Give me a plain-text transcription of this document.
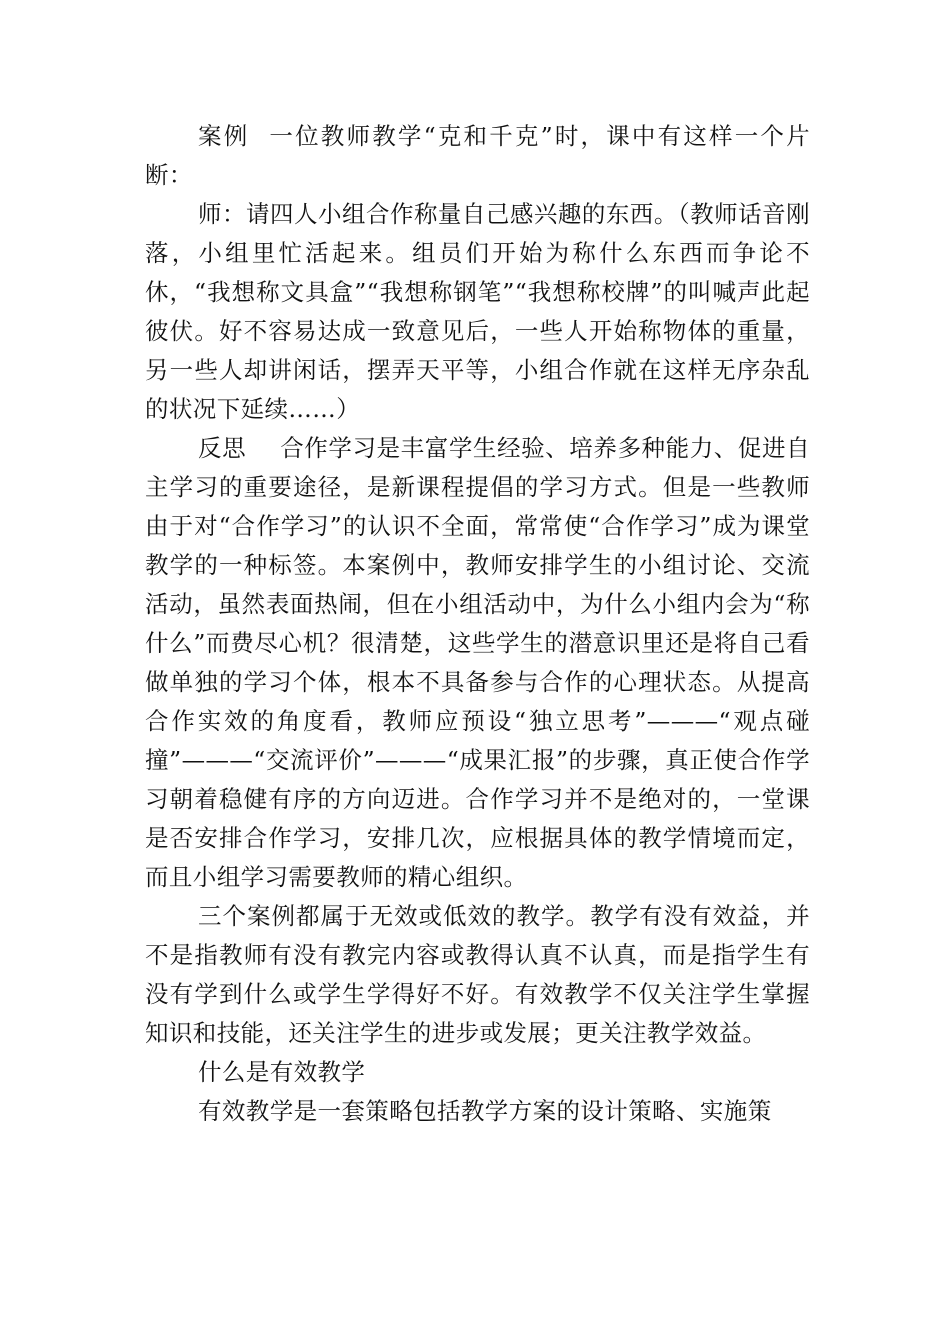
案例 一位教师教学“克和千克”时，课中有这样一个片断：

师：请四人小组合作称量自己感兴趣的东西。（教师话音刚落，小组里忙活起来。组员们开始为称什么东西而争论不休，“我想称文具盒”“我想称钢笔”“我想称校牌”的叫喊声此起彼伏。好不容易达成一致意见后，一些人开始称物体的重量，另一些人却讲闲话，摆弄天平等，小组合作就在这样无序杂乱的状况下延续……）

反思 合作学习是丰富学生经验、培养多种能力、促进自主学习的重要途径，是新课程提倡的学习方式。但是一些教师由于对“合作学习”的认识不全面，常常使“合作学习”成为课堂教学的一种标签。本案例中，教师安排学生的小组讨论、交流活动，虽然表面热闹，但在小组活动中，为什么小组内会为“称什么”而费尽心机？很清楚，这些学生的潜意识里还是将自己看做单独的学习个体，根本不具备参与合作的心理状态。从提高合作实效的角度看，教师应预设“独立思考”———“观点碰撞”———“交流评价”———“成果汇报”的步骤，真正使合作学习朝着稳健有序的方向迈进。合作学习并不是绝对的，一堂课是否安排合作学习，安排几次，应根据具体的教学情境而定，而且小组学习需要教师的精心组织。

三个案例都属于无效或低效的教学。教学有没有效益，并不是指教师有没有教完内容或教得认真不认真，而是指学生有没有学到什么或学生学得好不好。有效教学不仅关注学生掌握知识和技能，还关注学生的进步或发展；更关注教学效益。

什么是有效教学

有效教学是一套策略包括教学方案的设计策略、实施策
